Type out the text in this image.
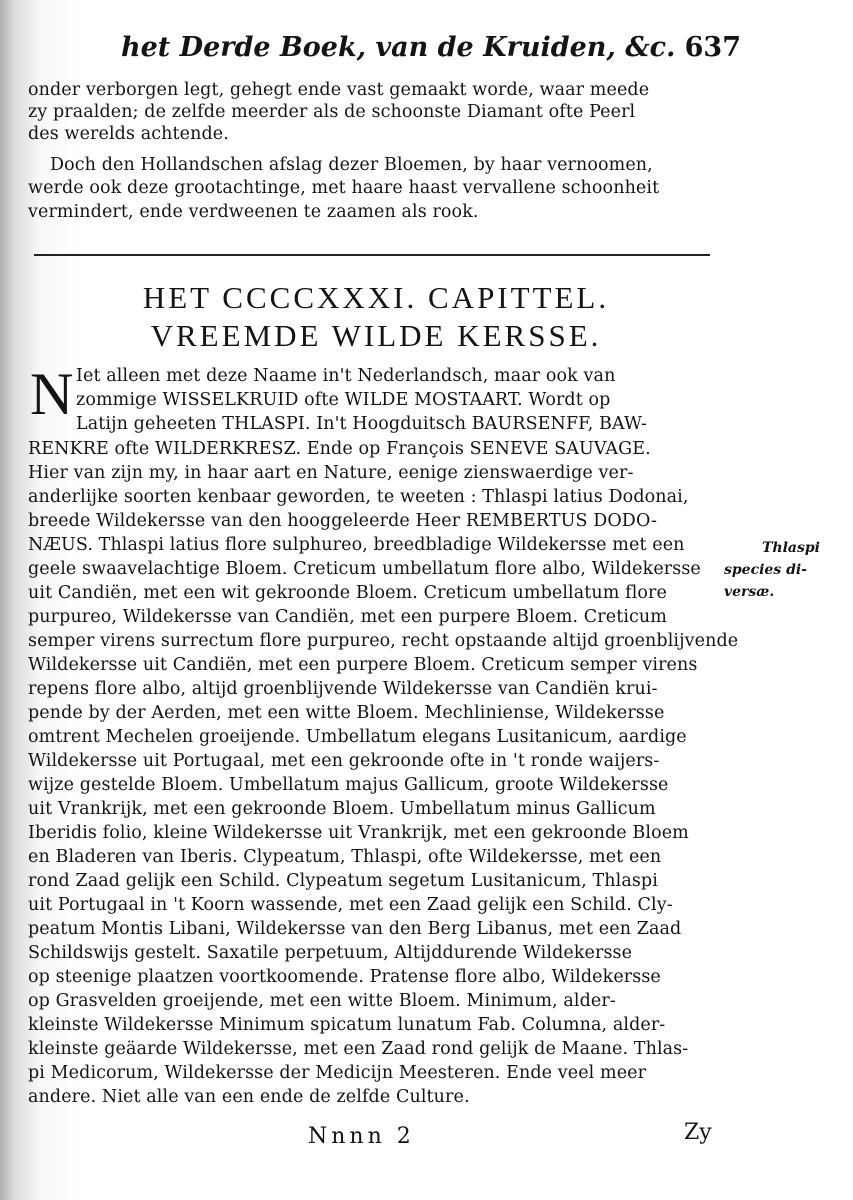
het Derde Boek, van de Kruiden, &c. 637
onder verborgen legt, gehegt ende vast gemaakt worde, waar meede
zy praalden; de zelfde meerder als de schoonste Diamant ofte Peerl
des werelds achtende.
Doch den Hollandschen afslag dezer Bloemen, by haar vernoomen,
werde ook deze grootachtinge, met haare haast vervallene schoonheit
vermindert, ende verdweenen te zaamen als rook.
HET CCCCXXXI. CAPITTEL.
VREEMDE WILDE KERSSE.
N Iet alleen met deze Naame in't Nederlandsch, maar ook van
zommige WISSELKRUID ofte WILDE MOSTAART. Wordt op
Latijn geheeten THLASPI. In't Hoogduitsch BAURSENFF, BAW-
RENKRE ofte WILDERKRESZ. Ende op François SENEVE SAUVAGE.
Hier van zijn my, in haar aart en Nature, eenige zienswaerdige ver-
anderlijke soorten kenbaar geworden, te weeten : Thlaspi latius Dodonai,
breede Wildekersse van den hooggeleerde Heer REMBERTUS DODO-
NÆUS. Thlaspi latius flore sulphureo, breedbladige Wildekersse met een
geele swaavelachtige Bloem. Creticum umbellatum flore albo, Wildekersse
uit Candiën, met een wit gekroonde Bloem. Creticum umbellatum flore
purpureo, Wildekersse van Candiën, met een purpere Bloem. Creticum
semper virens surrectum flore purpureo, recht opstaande altijd groenblijvende
Wildekersse uit Candiën, met een purpere Bloem. Creticum semper virens
repens flore albo, altijd groenblijvende Wildekersse van Candiën krui-
pende by der Aerden, met een witte Bloem. Mechliniense, Wildekersse
omtrent Mechelen groeijende. Umbellatum elegans Lusitanicum, aardige
Wildekersse uit Portugaal, met een gekroonde ofte in 't ronde waijers-
wijze gestelde Bloem. Umbellatum majus Gallicum, groote Wildekersse
uit Vrankrijk, met een gekroonde Bloem. Umbellatum minus Gallicum
Iberidis folio, kleine Wildekersse uit Vrankrijk, met een gekroonde Bloem
en Bladeren van Iberis. Clypeatum, Thlaspi, ofte Wildekersse, met een
rond Zaad gelijk een Schild. Clypeatum segetum Lusitanicum, Thlaspi
uit Portugaal in 't Koorn wassende, met een Zaad gelijk een Schild. Cly-
peatum Montis Libani, Wildekersse van den Berg Libanus, met een Zaad
Schildswijs gestelt. Saxatile perpetuum, Altijddurende Wildekersse
op steenige plaatzen voortkoomende. Pratense flore albo, Wildekersse
op Grasvelden groeijende, met een witte Bloem. Minimum, alder-
kleinste Wildekersse Minimum spicatum lunatum Fab. Columna, alder-
kleinste geäarde Wildekersse, met een Zaad rond gelijk de Maane. Thlas-
pi Medicorum, Wildekersse der Medicijn Meesteren. Ende veel meer
andere. Niet alle van een ende de zelfde Culture.
Thlaspi
species di-
versæ.
Nnnn 2	Zy
